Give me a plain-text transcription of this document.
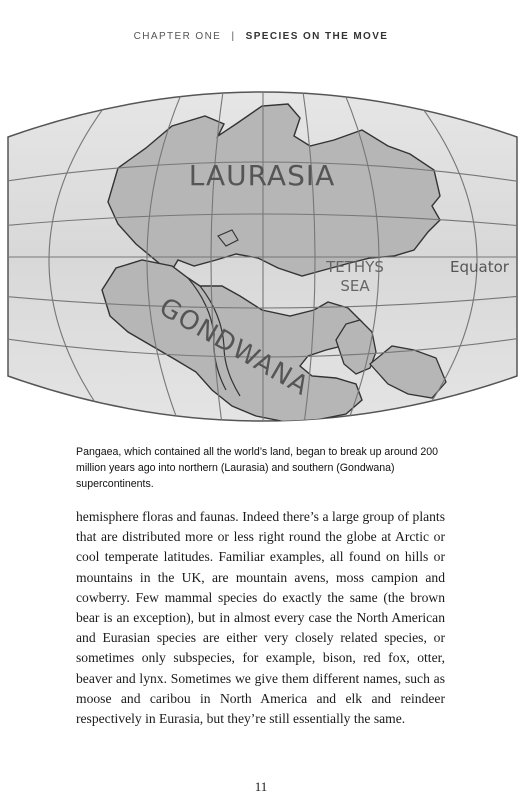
CHAPTER ONE | SPECIES ON THE MOVE
LAURASIA
TETHYS
SEA
Equator
GONDWANA
Pangaea, which contained all the world’s land, began to break up around 200 million years ago into northern (Laurasia) and southern (Gondwana) supercontinents.

hemisphere floras and faunas. Indeed there’s a large group of plants that are distributed more or less right round the globe at Arctic or cool temperate latitudes. Familiar examples, all found on hills or mountains in the UK, are mountain avens, moss campion and cowberry. Few mammal species do exactly the same (the brown bear is an exception), but in almost every case the North American and Eurasian species are either very closely related species, or sometimes only subspecies, for example, bison, red fox, otter, beaver and lynx. Sometimes we give them different names, such as moose and caribou in North America and elk and reindeer respectively in Eurasia, but they’re still essentially the same.

11
